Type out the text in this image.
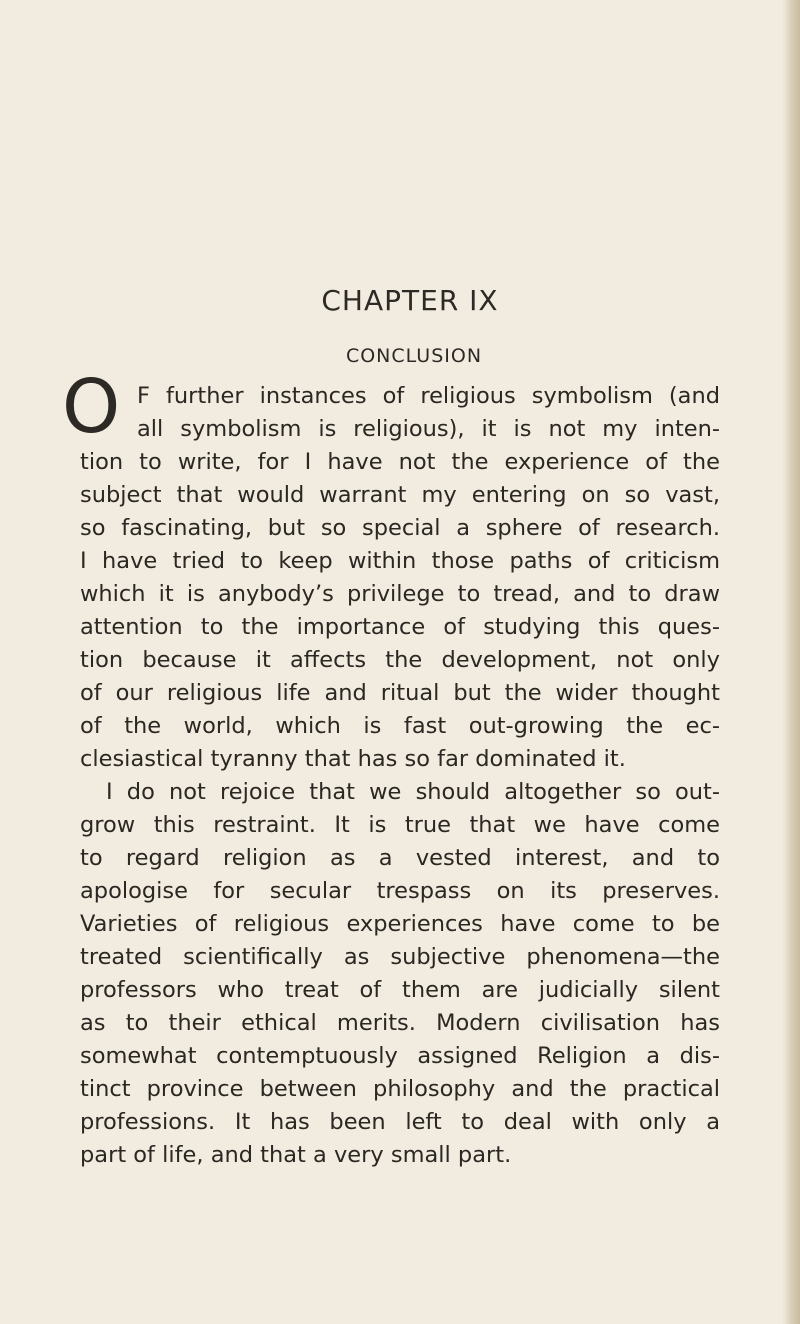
CHAPTER IX
CONCLUSION
O F further instances of religious symbolism (and
all symbolism is religious), it is not my inten-
tion to write, for I have not the experience of the
subject that would warrant my entering on so vast,
so fascinating, but so special a sphere of research.
I have tried to keep within those paths of criticism
which it is anybody’s privilege to tread, and to draw
attention to the importance of studying this ques-
tion because it affects the development, not only
of our religious life and ritual but the wider thought
of the world, which is fast out-growing the ec-
clesiastical tyranny that has so far dominated it.
I do not rejoice that we should altogether so out-
grow this restraint. It is true that we have come
to regard religion as a vested interest, and to
apologise for secular trespass on its preserves.
Varieties of religious experiences have come to be
treated scientifically as subjective phenomena—the
professors who treat of them are judicially silent
as to their ethical merits. Modern civilisation has
somewhat contemptuously assigned Religion a dis-
tinct province between philosophy and the practical
professions. It has been left to deal with only a
part of life, and that a very small part.
